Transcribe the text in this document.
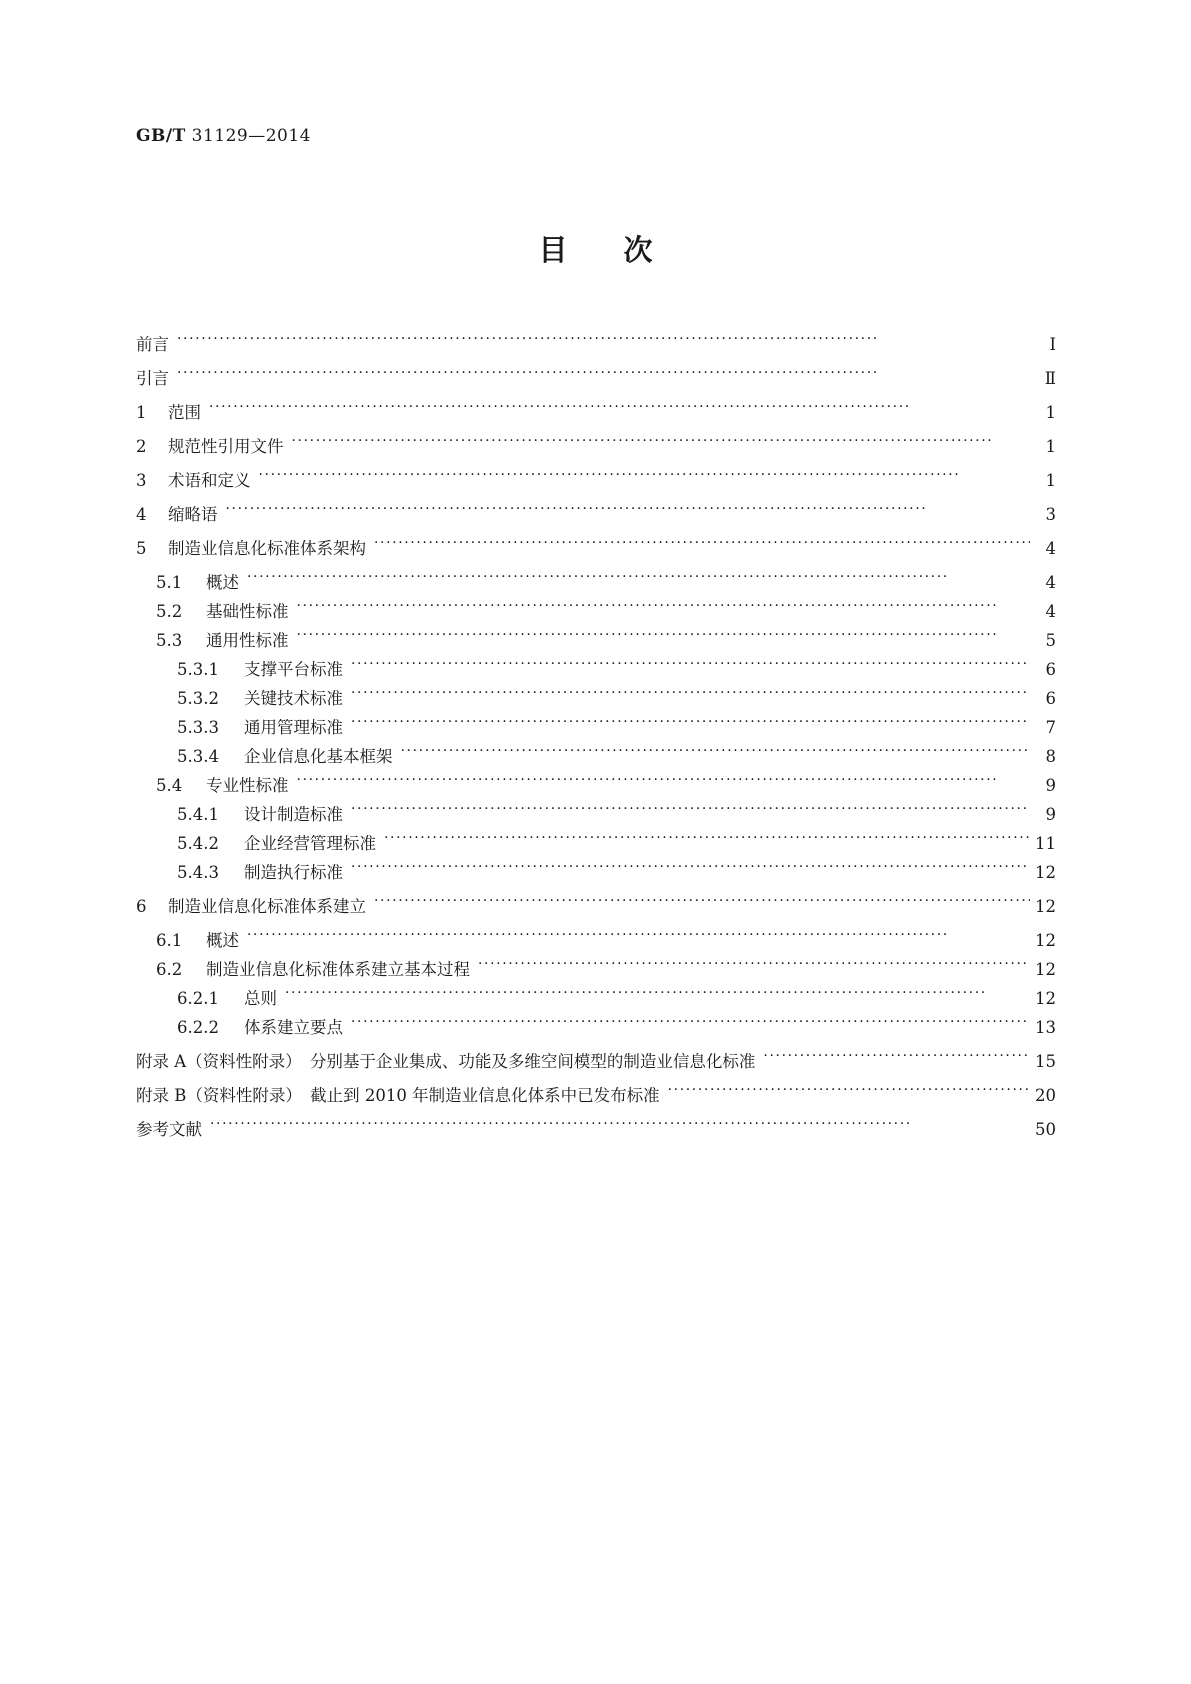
GB/T 31129—2014
目 次
前言 ·····	Ⅰ
引言 ·····	Ⅱ
1	范围 ·····	1
2	规范性引用文件 ·····	1
3	术语和定义 ·····	1
4	缩略语 ·····	3
5	制造业信息化标准体系架构 ·····	4
5.1	概述 ·····	4
5.2	基础性标准 ·····	4
5.3	通用性标准 ·····	5
5.3.1	支撑平台标准 ·····	6
5.3.2	关键技术标准 ·····	6
5.3.3	通用管理标准 ·····	7
5.3.4	企业信息化基本框架 ·····	8
5.4	专业性标准 ·····	9
5.4.1	设计制造标准 ·····	9
5.4.2	企业经营管理标准 ·····	11
5.4.3	制造执行标准 ·····	12
6	制造业信息化标准体系建立 ·····	12
6.1	概述 ·····	12
6.2	制造业信息化标准体系建立基本过程 ·····	12
6.2.1	总则 ·····	12
6.2.2	体系建立要点 ·····	13
附录 A（资料性附录）　分别基于企业集成、功能及多维空间模型的制造业信息化标准 ·····	15
附录 B（资料性附录）　截止到 2010 年制造业信息化体系中已发布标准 ·····	20
参考文献 ·····	50
